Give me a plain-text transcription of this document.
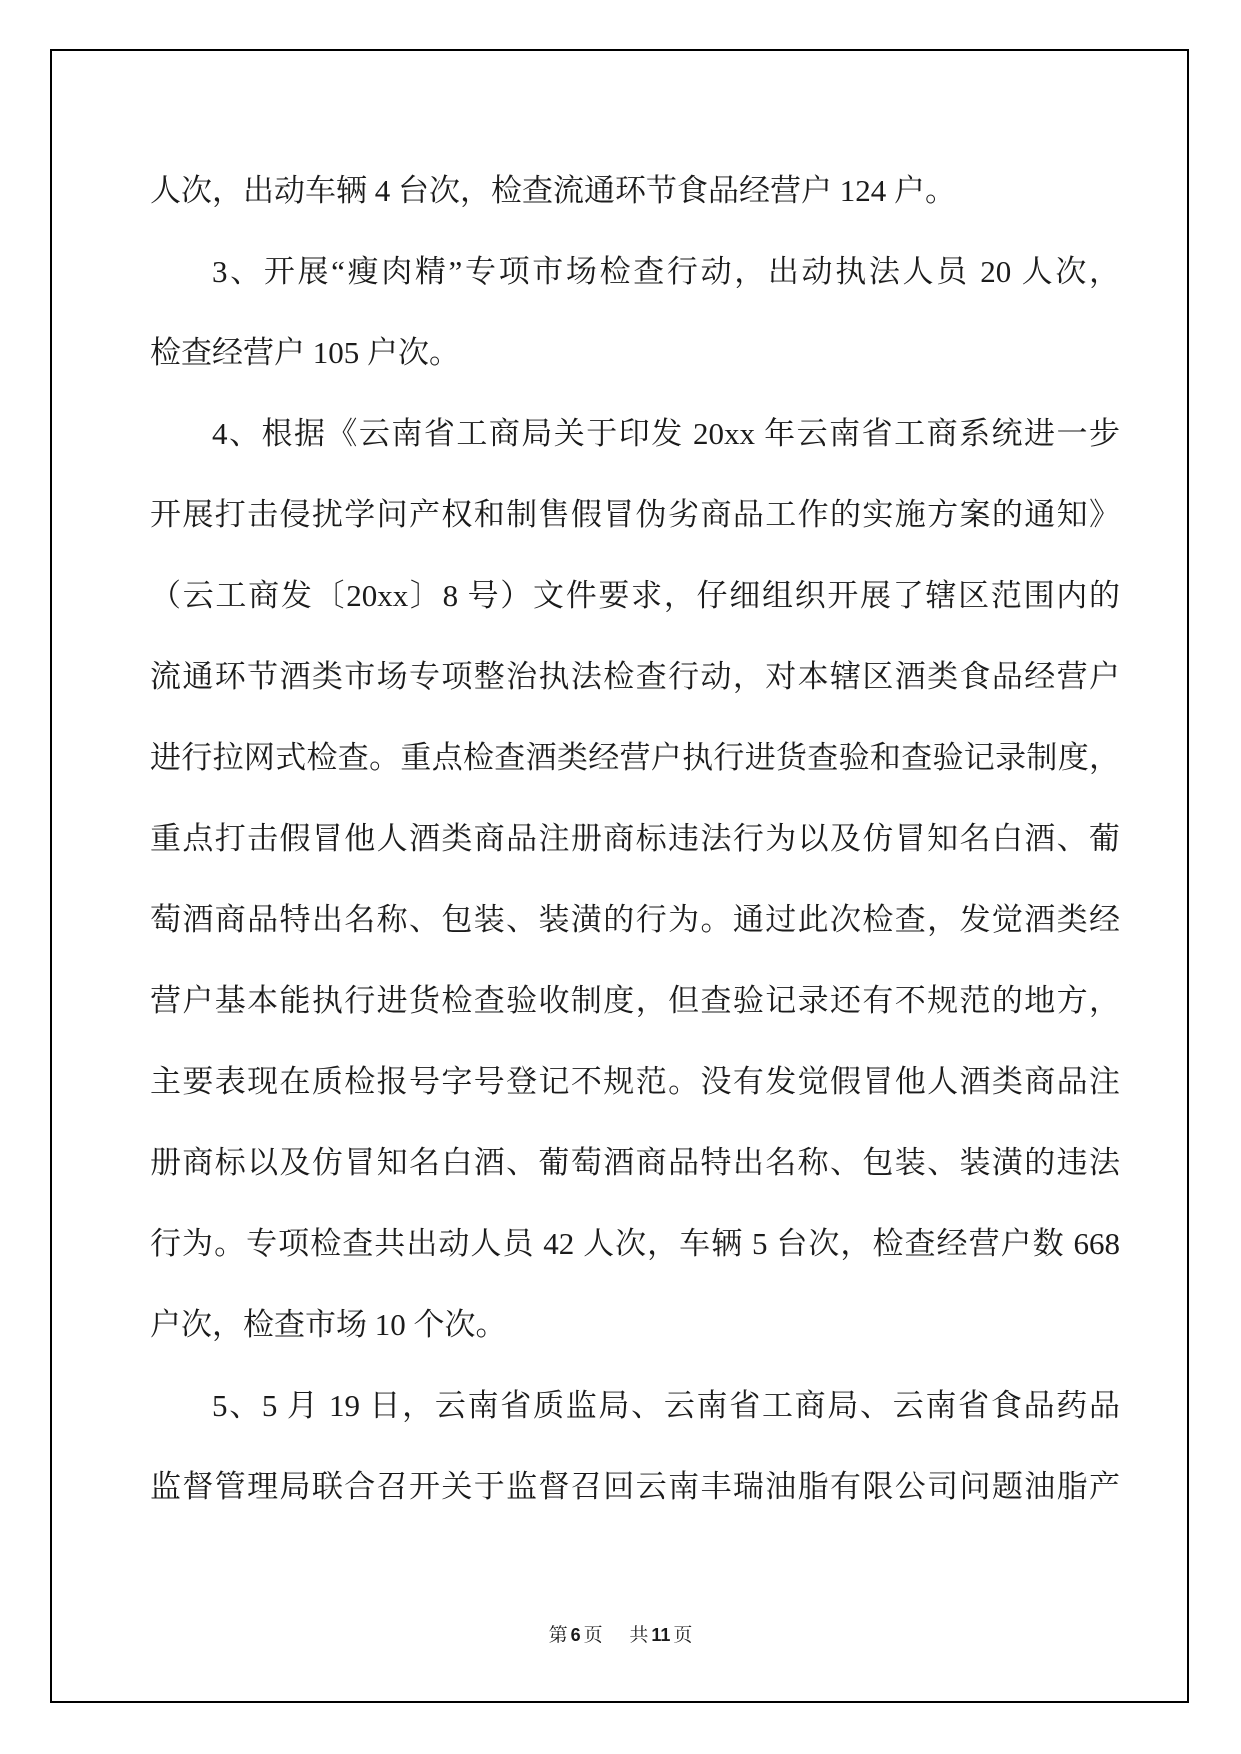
人次，出动车辆 4 台次，检查流通环节食品经营户 124 户。
3、开展“瘦肉精”专项市场检查行动，出动执法人员 20 人次，
检查经营户 105 户次。
4、根据《云南省工商局关于印发 20xx 年云南省工商系统进一步
开展打击侵扰学问产权和制售假冒伪劣商品工作的实施方案的通知》
（云工商发〔20xx〕8 号）文件要求，仔细组织开展了辖区范围内的
流通环节酒类市场专项整治执法检查行动，对本辖区酒类食品经营户
进行拉网式检查。重点检查酒类经营户执行进货查验和查验记录制度，
重点打击假冒他人酒类商品注册商标违法行为以及仿冒知名白酒、葡
萄酒商品特出名称、包装、装潢的行为。通过此次检查，发觉酒类经
营户基本能执行进货检查验收制度，但查验记录还有不规范的地方，
主要表现在质检报号字号登记不规范。没有发觉假冒他人酒类商品注
册商标以及仿冒知名白酒、葡萄酒商品特出名称、包装、装潢的违法
行为。专项检查共出动人员 42 人次，车辆 5 台次，检查经营户数 668
户次，检查市场 10 个次。
5、5 月 19 日，云南省质监局、云南省工商局、云南省食品药品
监督管理局联合召开关于监督召回云南丰瑞油脂有限公司问题油脂产
第 6 页 共 11 页
